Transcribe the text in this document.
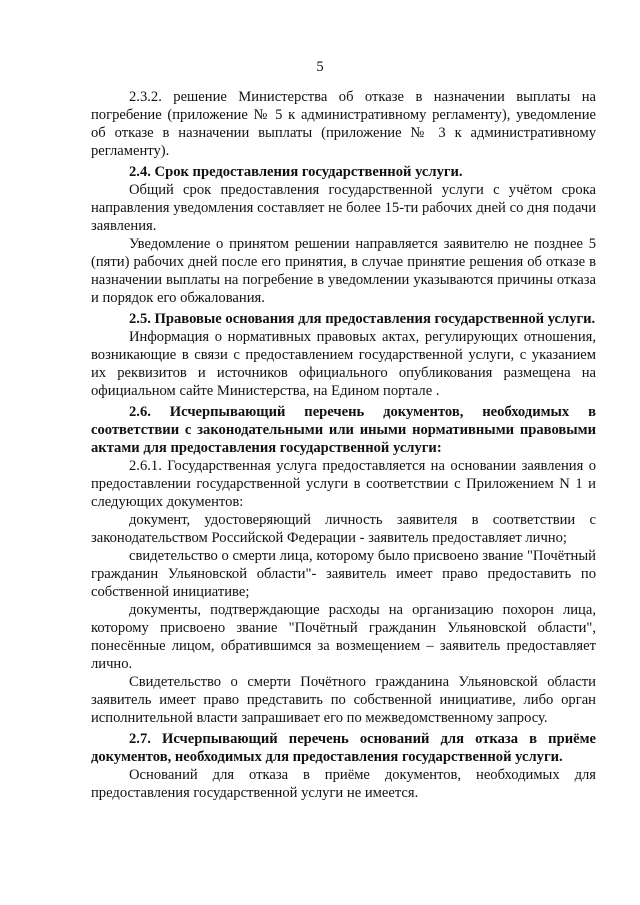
5

2.3.2. решение Министерства об отказе в назначении выплаты на погребение (приложение № 5 к административному регламенту), уведомление об отказе в назначении выплаты (приложение № 3 к административному регламенту).

2.4. Срок предоставления государственной услуги.

Общий срок предоставления государственной услуги с учётом срока направления уведомления составляет не более 15-ти рабочих дней со дня подачи заявления.

Уведомление о принятом решении направляется заявителю не позднее 5 (пяти) рабочих дней после его принятия, в случае принятие решения об отказе в назначении выплаты на погребение в уведомлении указываются причины отказа и порядок его обжалования.

2.5. Правовые основания для предоставления государственной услуги.

Информация о нормативных правовых актах, регулирующих отношения, возникающие в связи с предоставлением государственной услуги, с указанием их реквизитов и источников официального опубликования размещена на официальном сайте Министерства, на Едином портале .

2.6. Исчерпывающий перечень документов, необходимых в соответствии с законодательными или иными нормативными правовыми актами для предоставления государственной услуги:

2.6.1. Государственная услуга предоставляется на основании заявления о предоставлении государственной услуги в соответствии с Приложением N 1 и следующих документов:

документ, удостоверяющий личность заявителя в соответствии с законодательством Российской Федерации - заявитель предоставляет лично;

свидетельство о смерти лица, которому было присвоено звание "Почётный гражданин Ульяновской области"- заявитель имеет право предоставить по собственной инициативе;

документы, подтверждающие расходы на организацию похорон лица, которому присвоено звание "Почётный гражданин Ульяновской области", понесённые лицом, обратившимся за возмещением – заявитель предоставляет лично.

Свидетельство о смерти Почётного гражданина Ульяновской области заявитель имеет право представить по собственной инициативе, либо орган исполнительной власти запрашивает его по межведомственному запросу.

2.7. Исчерпывающий перечень оснований для отказа в приёме документов, необходимых для предоставления государственной услуги.

Оснований для отказа в приёме документов, необходимых для предоставления государственной услуги не имеется.
